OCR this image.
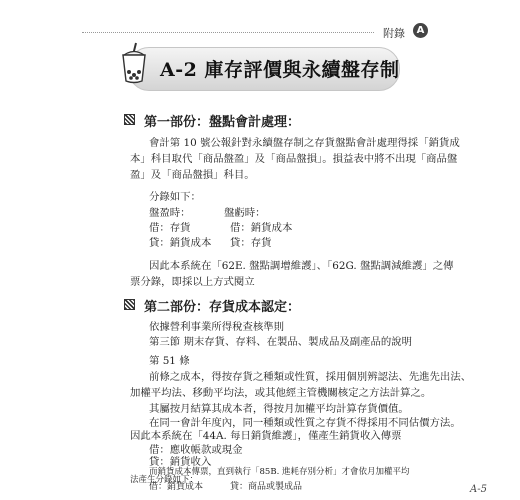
附錄	A
A-2 庫存評價與永續盤存制
第一部份：盤點會計處理：
會計第 10 號公報針對永續盤存制之存貨盤點會計處理得採「銷貨成
本」科目取代「商品盤盈」及「商品盤損」。損益表中將不出現「商品盤
盈」及「商品盤損」科目。
分錄如下：
盤盈時：	盤虧時：
借：存貨	借：銷貨成本
貸：銷貨成本 貸：存貨
因此本系統在「62E. 盤點調增維護」、「62G. 盤點調減維護」之傳
票分錄，即採以上方式閱立
第二部份：存貨成本認定：
依據營利事業所得稅查核準則
第三節 期末存貨、存料、在製品、製成品及副產品的說明
第 51 條
前條之成本，得按存貨之種類或性質，採用個別辨認法、先進先出法、
加權平均法、移動平均法，或其他經主管機關核定之方法計算之。
其屬按月結算其成本者，得按月加權平均計算存貨價值。
在同一會計年度內，同一種類或性質之存貨不得採用不同估價方法。
因此本系統在「44A. 每日銷貨維護」，僅產生銷貨收入傳票
借：應收帳款或現金
貸：銷貨收入
A-5
而銷貨成本傳票，直到執行「85B. 進耗存別分析」才會依月加權平均
法產生分錄如下：
借：銷貨成本	貸：商品或製成品
